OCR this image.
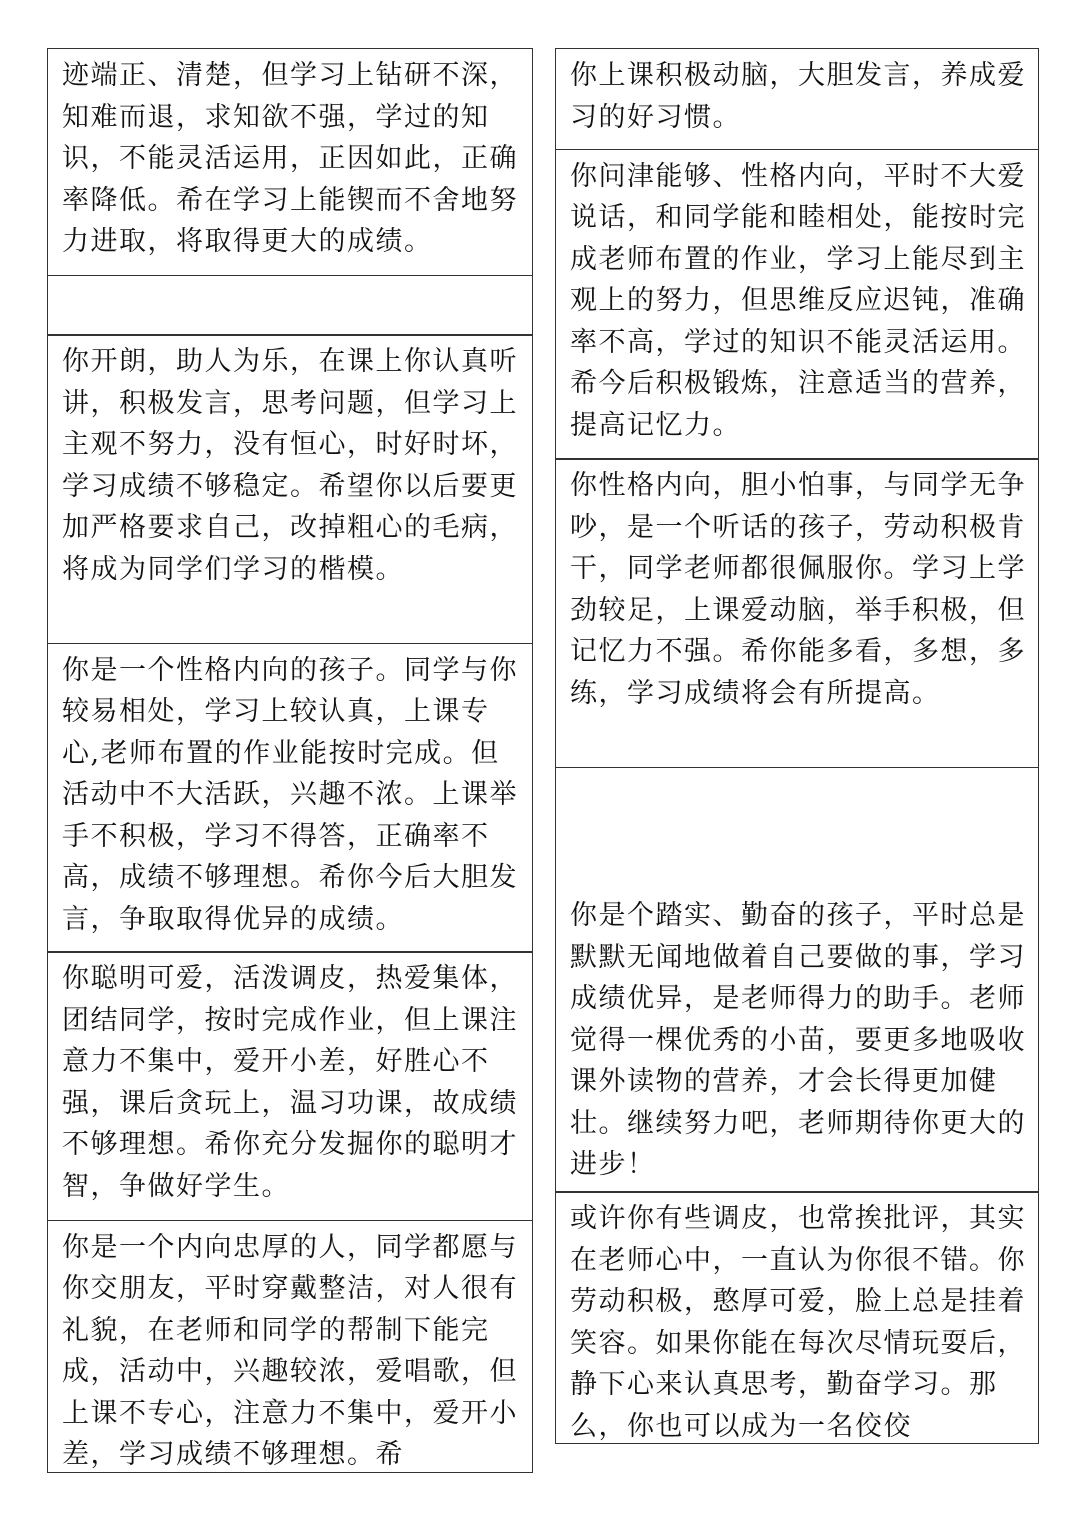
迹端正、清楚，但学习上钻研不深，知难而退，求知欲不强，学过的知识，不能灵活运用，正因如此，正确率降低。希在学习上能锲而不舍地努力进取，将取得更大的成绩。
你开朗，助人为乐，在课上你认真听讲，积极发言，思考问题，但学习上主观不努力，没有恒心，时好时坏，学习成绩不够稳定。希望你以后要更加严格要求自己，改掉粗心的毛病，将成为同学们学习的楷模。
你是一个性格内向的孩子。同学与你较易相处，学习上较认真，上课专心,老师布置的作业能按时完成。但活动中不大活跃，兴趣不浓。上课举手不积极，学习不得答，正确率不高，成绩不够理想。希你今后大胆发言，争取取得优异的成绩。
你聪明可爱，活泼调皮，热爱集体，团结同学，按时完成作业，但上课注意力不集中，爱开小差，好胜心不强，课后贪玩上，温习功课，故成绩不够理想。希你充分发掘你的聪明才智，争做好学生。
你是一个内向忠厚的人，同学都愿与你交朋友，平时穿戴整洁，对人很有礼貌，在老师和同学的帮制下能完成，活动中，兴趣较浓，爱唱歌，但上课不专心，注意力不集中，爱开小差，学习成绩不够理想。希
你上课积极动脑，大胆发言，养成爱习的好习惯。
你问津能够、性格内向，平时不大爱说话，和同学能和睦相处，能按时完成老师布置的作业，学习上能尽到主观上的努力，但思维反应迟钝，准确率不高，学过的知识不能灵活运用。希今后积极锻炼，注意适当的营养，提高记忆力。
你性格内向，胆小怕事，与同学无争吵，是一个听话的孩子，劳动积极肯干，同学老师都很佩服你。学习上学劲较足，上课爱动脑，举手积极，但记忆力不强。希你能多看，多想，多练，学习成绩将会有所提高。
你是个踏实、勤奋的孩子，平时总是默默无闻地做着自己要做的事，学习成绩优异，是老师得力的助手。老师觉得一棵优秀的小苗，要更多地吸收课外读物的营养，才会长得更加健壮。继续努力吧，老师期待你更大的进步！
或许你有些调皮，也常挨批评，其实在老师心中，一直认为你很不错。你劳动积极，憨厚可爱，脸上总是挂着笑容。如果你能在每次尽情玩耍后，静下心来认真思考，勤奋学习。那么，你也可以成为一名佼佼
